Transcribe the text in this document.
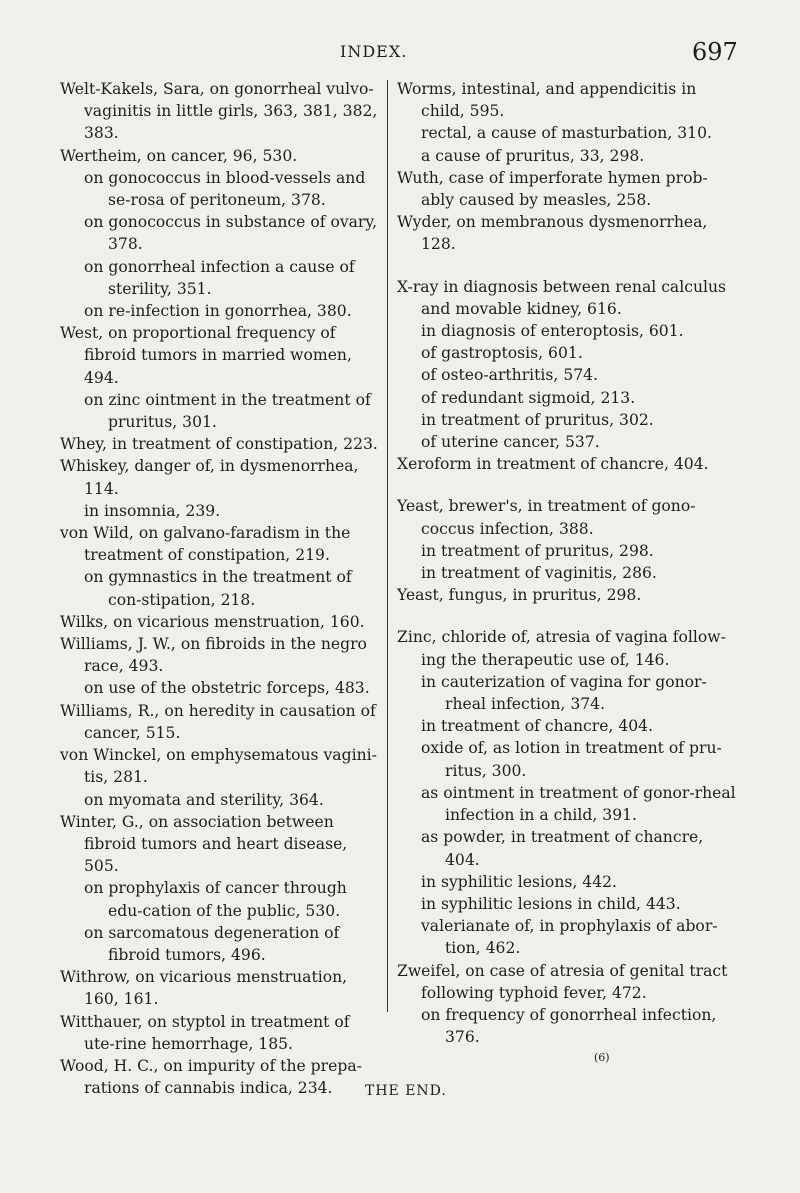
INDEX.	697
Welt-Kakels, Sara, on gonorrheal vulvo-vaginitis in little girls, 363, 381, 382, 383.
Wertheim, on cancer, 96, 530.
on gonococcus in blood-vessels and se-rosa of peritoneum, 378.
on gonococcus in substance of ovary, 378.
on gonorrheal infection a cause of sterility, 351.
on re-infection in gonorrhea, 380.
West, on proportional frequency of fibroid tumors in married women, 494.
on zinc ointment in the treatment of pruritus, 301.
Whey, in treatment of constipation, 223.
Whiskey, danger of, in dysmenorrhea, 114.
in insomnia, 239.
von Wild, on galvano-faradism in the treatment of constipation, 219.
on gymnastics in the treatment of con-stipation, 218.
Wilks, on vicarious menstruation, 160.
Williams, J. W., on fibroids in the negro race, 493.
on use of the obstetric forceps, 483.
Williams, R., on heredity in causation of cancer, 515.
von Winckel, on emphysematous vagini-tis, 281.
on myomata and sterility, 364.
Winter, G., on association between fibroid tumors and heart disease, 505.
on prophylaxis of cancer through edu-cation of the public, 530.
on sarcomatous degeneration of fibroid tumors, 496.
Withrow, on vicarious menstruation, 160, 161.
Witthauer, on styptol in treatment of ute-rine hemorrhage, 185.
Wood, H. C., on impurity of the prepa-rations of cannabis indica, 234.
Worms, intestinal, and appendicitis in child, 595.
rectal, a cause of masturbation, 310.
a cause of pruritus, 33, 298.
Wuth, case of imperforate hymen prob-ably caused by measles, 258.
Wyder, on membranous dysmenorrhea, 128.
X-ray in diagnosis between renal calculus and movable kidney, 616.
in diagnosis of enteroptosis, 601.
of gastroptosis, 601.
of osteo-arthritis, 574.
of redundant sigmoid, 213.
in treatment of pruritus, 302.
of uterine cancer, 537.
Xeroform in treatment of chancre, 404.
Yeast, brewer's, in treatment of gono-coccus infection, 388.
in treatment of pruritus, 298.
in treatment of vaginitis, 286.
Yeast, fungus, in pruritus, 298.
Zinc, chloride of, atresia of vagina follow-ing the therapeutic use of, 146.
in cauterization of vagina for gonor-rheal infection, 374.
in treatment of chancre, 404.
oxide of, as lotion in treatment of pru-ritus, 300.
as ointment in treatment of gonor-rheal infection in a child, 391.
as powder, in treatment of chancre, 404.
in syphilitic lesions, 442.
in syphilitic lesions in child, 443.
valerianate of, in prophylaxis of abor-tion, 462.
Zweifel, on case of atresia of genital tract following typhoid fever, 472.
on frequency of gonorrheal infection, 376.
(6)
THE END.
